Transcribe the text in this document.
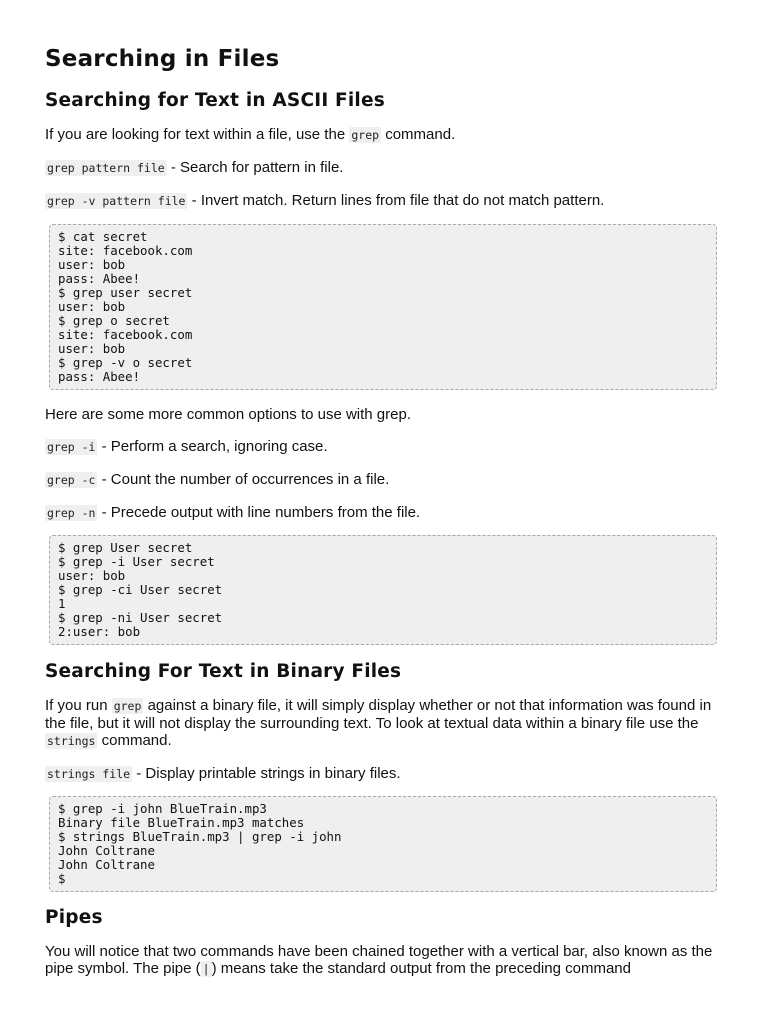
Searching in Files
Searching for Text in ASCII Files

If you are looking for text within a file, use the grep command.

grep pattern file - Search for pattern in file.

grep -v pattern file - Invert match. Return lines from file that do not match pattern.

$ cat secret
site: facebook.com
user: bob
pass: Abee!
$ grep user secret
user: bob
$ grep o secret
site: facebook.com
user: bob
$ grep -v o secret
pass: Abee!

Here are some more common options to use with grep.

grep -i - Perform a search, ignoring case.

grep -c - Count the number of occurrences in a file.

grep -n - Precede output with line numbers from the file.

$ grep User secret
$ grep -i User secret
user: bob
$ grep -ci User secret
1
$ grep -ni User secret
2:user: bob
Searching For Text in Binary Files

If you run grep against a binary file, it will simply display whether or not that information was found in the file, but it will not display the surrounding text. To look at textual data within a binary file use the strings command.

strings file - Display printable strings in binary files.

$ grep -i john BlueTrain.mp3
Binary file BlueTrain.mp3 matches
$ strings BlueTrain.mp3 | grep -i john
John Coltrane
John Coltrane
$
Pipes

You will notice that two commands have been chained together with a vertical bar, also known as the pipe symbol. The pipe ( | ) means take the standard output from the preceding command
